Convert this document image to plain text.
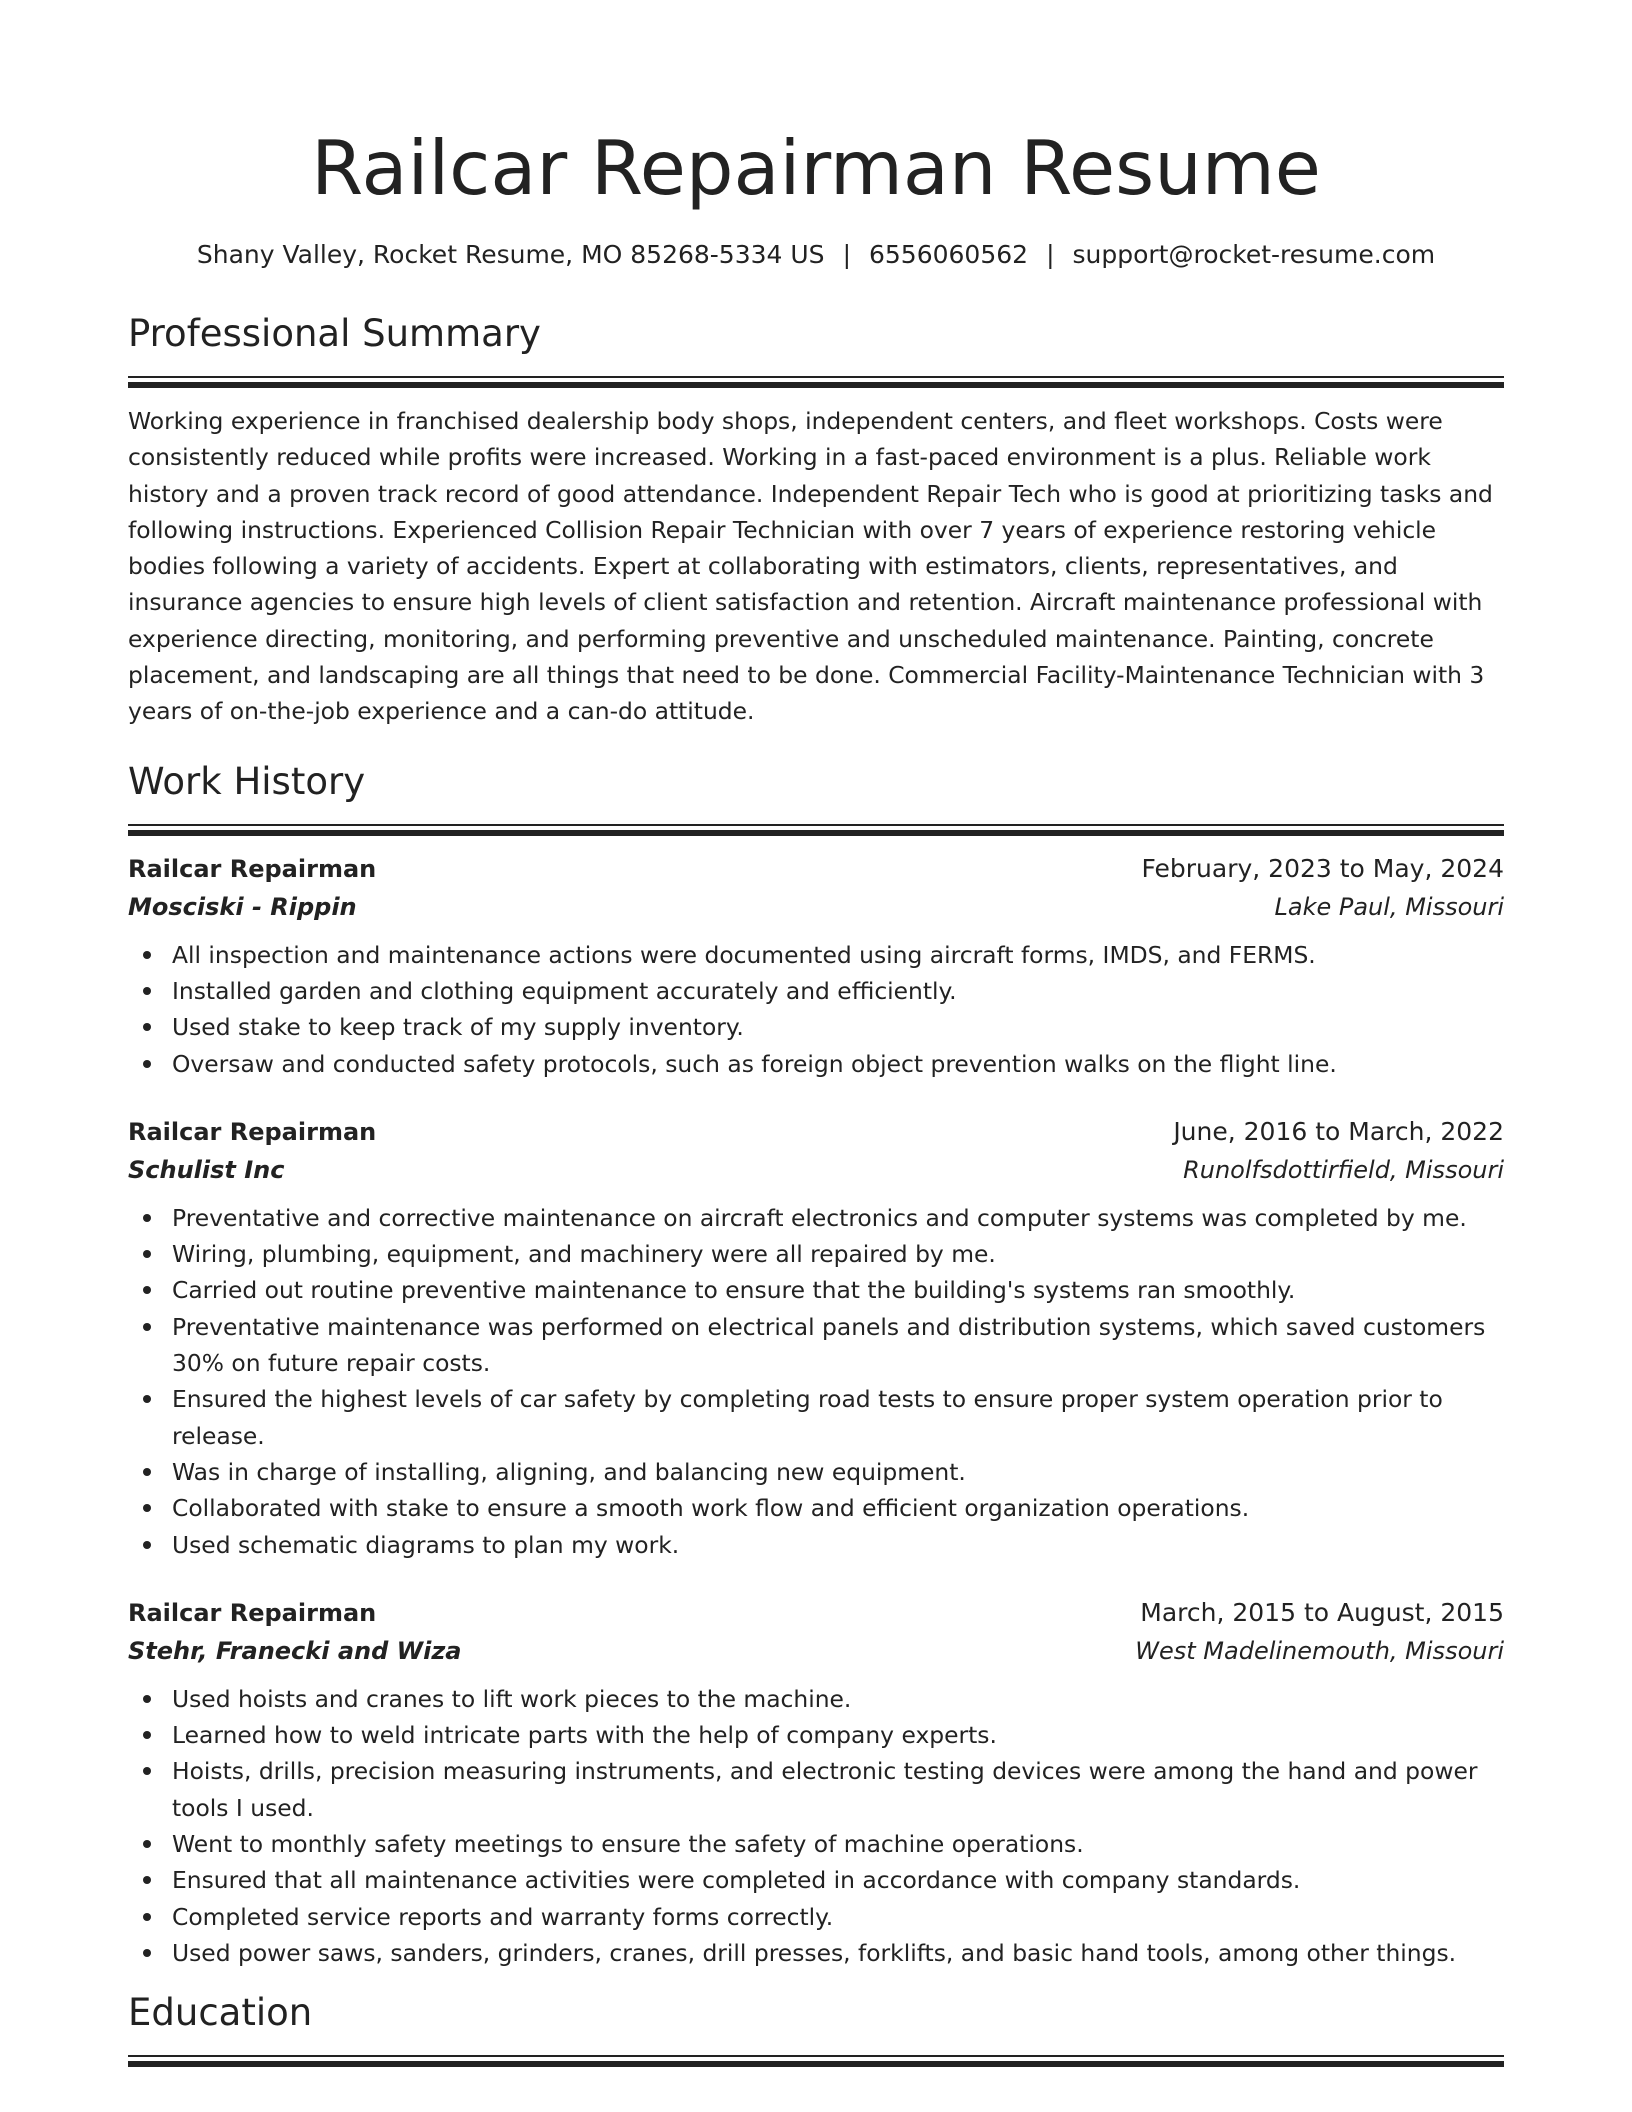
Railcar Repairman Resume
Shany Valley, Rocket Resume, MO 85268-5334 US | 6556060562 | support@rocket-resume.com
Professional Summary

Working experience in franchised dealership body shops, independent centers, and fleet workshops. Costs were consistently reduced while profits were increased. Working in a fast-paced environment is a plus. Reliable work history and a proven track record of good attendance. Independent Repair Tech who is good at prioritizing tasks and following instructions. Experienced Collision Repair Technician with over 7 years of experience restoring vehicle bodies following a variety of accidents. Expert at collaborating with estimators, clients, representatives, and insurance agencies to ensure high levels of client satisfaction and retention. Aircraft maintenance professional with experience directing, monitoring, and performing preventive and unscheduled maintenance. Painting, concrete placement, and landscaping are all things that need to be done. Commercial Facility-Maintenance Technician with 3 years of on-the-job experience and a can-do attitude.

Work History
Railcar Repairman	February, 2023 to May, 2024
Mosciski - Rippin	Lake Paul, Missouri
All inspection and maintenance actions were documented using aircraft forms, IMDS, and FERMS.
Installed garden and clothing equipment accurately and efficiently.
Used stake to keep track of my supply inventory.
Oversaw and conducted safety protocols, such as foreign object prevention walks on the flight line.
Railcar Repairman	June, 2016 to March, 2022
Schulist Inc	Runolfsdottirfield, Missouri
Preventative and corrective maintenance on aircraft electronics and computer systems was completed by me.
Wiring, plumbing, equipment, and machinery were all repaired by me.
Carried out routine preventive maintenance to ensure that the building's systems ran smoothly.
Preventative maintenance was performed on electrical panels and distribution systems, which saved customers 30% on future repair costs.
Ensured the highest levels of car safety by completing road tests to ensure proper system operation prior to release.
Was in charge of installing, aligning, and balancing new equipment.
Collaborated with stake to ensure a smooth work flow and efficient organization operations.
Used schematic diagrams to plan my work.
Railcar Repairman	March, 2015 to August, 2015
Stehr, Franecki and Wiza	West Madelinemouth, Missouri
Used hoists and cranes to lift work pieces to the machine.
Learned how to weld intricate parts with the help of company experts.
Hoists, drills, precision measuring instruments, and electronic testing devices were among the hand and power tools I used.
Went to monthly safety meetings to ensure the safety of machine operations.
Ensured that all maintenance activities were completed in accordance with company standards.
Completed service reports and warranty forms correctly.
Used power saws, sanders, grinders, cranes, drill presses, forklifts, and basic hand tools, among other things.
Education
